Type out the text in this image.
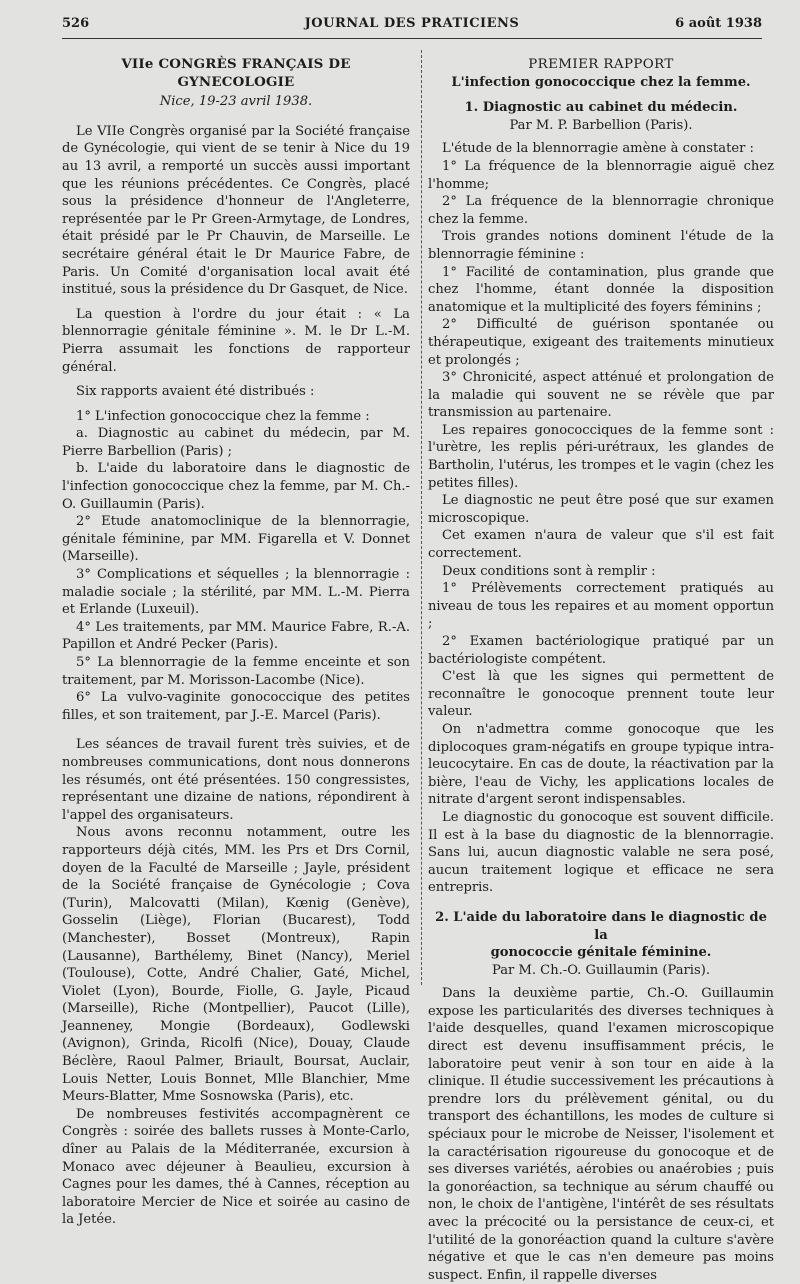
526	JOURNAL DES PRATICIENS	6 août 1938
VIIe CONGRÈS FRANÇAIS DE GYNECOLOGIE
Nice, 19-23 avril 1938.

Le VIIe Congrès organisé par la Société française de Gynécologie, qui vient de se tenir à Nice du 19 au 13 avril, a remporté un succès aussi important que les réunions précédentes. Ce Congrès, placé sous la présidence d'honneur de l'Angleterre, représentée par le Pr Green-Armytage, de Londres, était présidé par le Pr Chauvin, de Marseille. Le secrétaire général était le Dr Maurice Fabre, de Paris. Un Comité d'organisation local avait été institué, sous la présidence du Dr Gasquet, de Nice.

La question à l'ordre du jour était : « La blennorragie génitale féminine ». M. le Dr L.-M. Pierra assumait les fonctions de rapporteur général.

Six rapports avaient été distribués :

1° L'infection gonococcique chez la femme :

a. Diagnostic au cabinet du médecin, par M. Pierre Barbellion (Paris) ;

b. L'aide du laboratoire dans le diagnostic de l'infection gonococcique chez la femme, par M. Ch.-O. Guillaumin (Paris).

2° Etude anatomoclinique de la blennorragie, génitale féminine, par MM. Figarella et V. Donnet (Marseille).

3° Complications et séquelles ; la blennorragie : maladie sociale ; la stérilité, par MM. L.-M. Pierra et Erlande (Luxeuil).

4° Les traitements, par MM. Maurice Fabre, R.-A. Papillon et André Pecker (Paris).

5° La blennorragie de la femme enceinte et son traitement, par M. Morisson-Lacombe (Nice).

6° La vulvo-vaginite gonococcique des petites filles, et son traitement, par J.-E. Marcel (Paris).

Les séances de travail furent très suivies, et de nombreuses communications, dont nous donnerons les résumés, ont été présentées. 150 congressistes, représentant une dizaine de nations, répondirent à l'appel des organisateurs.

Nous avons reconnu notamment, outre les rapporteurs déjà cités, MM. les Prs et Drs Cornil, doyen de la Faculté de Marseille ; Jayle, président de la Société française de Gynécologie ; Cova (Turin), Malcovatti (Milan), Kœnig (Genève), Gosselin (Liège), Florian (Bucarest), Todd (Manchester), Bosset (Montreux), Rapin (Lausanne), Barthélemy, Binet (Nancy), Meriel (Toulouse), Cotte, André Chalier, Gaté, Michel, Violet (Lyon), Bourde, Fiolle, G. Jayle, Picaud (Marseille), Riche (Montpellier), Paucot (Lille), Jeanneney, Mongie (Bordeaux), Godlewski (Avignon), Grinda, Ricolfi (Nice), Douay, Claude Béclère, Raoul Palmer, Briault, Boursat, Auclair, Louis Netter, Louis Bonnet, Mlle Blanchier, Mme Meurs-Blatter, Mme Sosnowska (Paris), etc.

De nombreuses festivités accompagnèrent ce Congrès : soirée des ballets russes à Monte-Carlo, dîner au Palais de la Méditerranée, excursion à Monaco avec déjeuner à Beaulieu, excursion à Cagnes pour les dames, thé à Cannes, réception au laboratoire Mercier de Nice et soirée au casino de la Jetée.

PREMIER RAPPORT
L'infection gonococcique chez la femme.
1. Diagnostic au cabinet du médecin.
Par M. P. Barbellion (Paris).

L'étude de la blennorragie amène à constater :

1° La fréquence de la blennorragie aiguë chez l'homme;

2° La fréquence de la blennorragie chronique chez la femme.

Trois grandes notions dominent l'étude de la blennorragie féminine :

1° Facilité de contamination, plus grande que chez l'homme, étant donnée la disposition anatomique et la multiplicité des foyers féminins ;

2° Difficulté de guérison spontanée ou thérapeutique, exigeant des traitements minutieux et prolongés ;

3° Chronicité, aspect atténué et prolongation de la maladie qui souvent ne se révèle que par transmission au partenaire.

Les repaires gonococciques de la femme sont : l'urètre, les replis péri-urétraux, les glandes de Bartholin, l'utérus, les trompes et le vagin (chez les petites filles).

Le diagnostic ne peut être posé que sur examen microscopique.

Cet examen n'aura de valeur que s'il est fait correctement.

Deux conditions sont à remplir :

1° Prélèvements correctement pratiqués au niveau de tous les repaires et au moment opportun ;

2° Examen bactériologique pratiqué par un bactériologiste compétent.

C'est là que les signes qui permettent de reconnaître le gonocoque prennent toute leur valeur.

On n'admettra comme gonocoque que les diplocoques gram-négatifs en groupe typique intra-leucocytaire. En cas de doute, la réactivation par la bière, l'eau de Vichy, les applications locales de nitrate d'argent seront indispensables.

Le diagnostic du gonocoque est souvent difficile. Il est à la base du diagnostic de la blennorragie. Sans lui, aucun diagnostic valable ne sera posé, aucun traitement logique et efficace ne sera entrepris.

2. L'aide du laboratoire dans le diagnostic de la
gonococcie génitale féminine.
Par M. Ch.-O. Guillaumin (Paris).

Dans la deuxième partie, Ch.-O. Guillaumin expose les particularités des diverses techniques à l'aide desquelles, quand l'examen microscopique direct est devenu insuffisamment précis, le laboratoire peut venir à son tour en aide à la clinique. Il étudie successivement les précautions à prendre lors du prélèvement génital, ou du transport des échantillons, les modes de culture si spéciaux pour le microbe de Neisser, l'isolement et la caractérisation rigoureuse du gonocoque et de ses diverses variétés, aérobies ou anaérobies ; puis la gonoréaction, sa technique au sérum chauffé ou non, le choix de l'antigène, l'intérêt de ses résultats avec la précocité ou la persistance de ceux-ci, et l'utilité de la gonoréaction quand la culture s'avère négative et que le cas n'en demeure pas moins suspect. Enfin, il rappelle diverses
